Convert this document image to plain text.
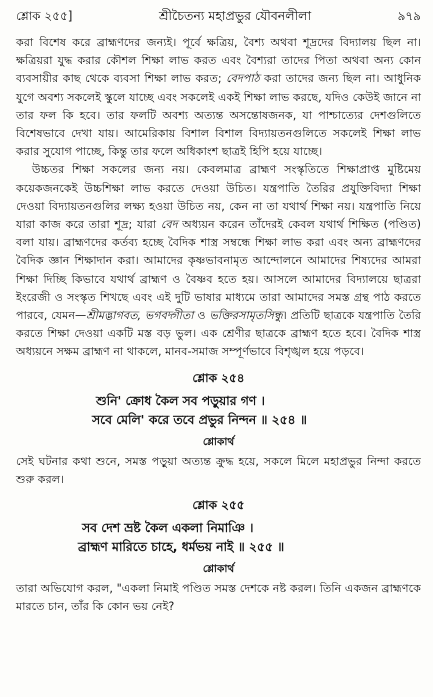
শ্লোক ২৫৫]	শ্রীচৈতন্য মহাপ্রভুর যৌবনলীলা	৯৭৯

করা বিশেষ করে ব্রাহ্মণদের জন্যই। পূর্বে ক্ষত্রিয়, বৈশ্য অথবা শূদ্রদের বিদ্যালয় ছিল না। ক্ষত্রিয়রা যুদ্ধ করার কৌশল শিক্ষা লাভ করত এবং বৈশ্যরা তাদের পিতা অথবা অন্য কোন ব্যবসায়ীর কাছ থেকে ব্যবসা শিক্ষা লাভ করত; বেদপাঠ করা তাদের জন্য ছিল না। আধুনিক যুগে অবশ্য সকলেই স্কুলে যাচ্ছে এবং সকলেই একই শিক্ষা লাভ করছে, যদিও কেউই জানে না তার ফল কি হবে। তার ফলটি অবশ্য অত্যন্ত অসন্তোষজনক, যা পাশ্চাত্যের দেশগুলিতে বিশেষভাবে দেখা যায়। আমেরিকায় বিশাল বিশাল বিদ্যায়তনগুলিতে সকলেই শিক্ষা লাভ করার সুযোগ পাচ্ছে, কিন্তু তার ফলে অধিকাংশ ছাত্রই হিপি হয়ে যাচ্ছে।

উচ্চতর শিক্ষা সকলের জন্য নয়। কেবলমাত্র ব্রাহ্মণ সংস্কৃতিতে শিক্ষাপ্রাপ্ত মুষ্টিমেয় কয়েকজনকেই উচ্চশিক্ষা লাভ করতে দেওয়া উচিত। যন্ত্রপাতি তৈরির প্রযুক্তিবিদ্যা শিক্ষা দেওয়া বিদ্যায়তনগুলির লক্ষ্য হওয়া উচিত নয়, কেন না তা যথার্থ শিক্ষা নয়। যন্ত্রপাতি নিয়ে যারা কাজ করে তারা শূদ্র; যারা বেদ অধ্যয়ন করেন তাঁদেরই কেবল যথার্থ শিক্ষিত (পণ্ডিত) বলা যায়। ব্রাহ্মণদের কর্তব্য হচ্ছে বৈদিক শাস্ত্র সম্বন্ধে শিক্ষা লাভ করা এবং অন্য ব্রাহ্মণদের বৈদিক জ্ঞান শিক্ষাদান করা। আমাদের কৃষ্ণভাবনামৃত আন্দোলনে আমাদের শিষ্যদের আমরা শিক্ষা দিচ্ছি কিভাবে যথার্থ ব্রাহ্মণ ও বৈষ্ণব হতে হয়। আসলে আমাদের বিদ্যালয়ে ছাত্ররা ইংরেজী ও সংস্কৃত শিখছে এবং এই দুটি ভাষার মাধ্যমে তারা আমাদের সমস্ত গ্রন্থ পাঠ করতে পারবে, যেমন—শ্রীমদ্ভাগবত, ভগবদ্গীতা ও ভক্তিরসামৃতসিন্ধু। প্রতিটি ছাত্রকে যন্ত্রপাতি তৈরি করতে শিক্ষা দেওয়া একটি মস্ত বড় ভুল। এক শ্রেণীর ছাত্রকে ব্রাহ্মণ হতে হবে। বৈদিক শাস্ত্র অধ্যয়নে সক্ষম ব্রাহ্মণ না থাকলে, মানব-সমাজ সম্পূর্ণভাবে বিশৃঙ্খল হয়ে পড়বে।

শ্লোক ২৫৪
শুনি' ক্রোধ কৈল সব পড়ুয়ার গণ ।
সবে মেলি' করে তবে প্রভুর নিন্দন ॥ ২৫৪ ॥
শ্লোকার্থ

সেই ঘটনার কথা শুনে, সমস্ত পড়ুয়া অত্যন্ত ক্রুদ্ধ হয়ে, সকলে মিলে মহাপ্রভুর নিন্দা করতে শুরু করল।

শ্লোক ২৫৫
সব দেশ ভ্রষ্ট কৈল একলা নিমাঞি ।
ব্রাহ্মণ মারিতে চাহে, ধর্মভয় নাই ॥ ২৫৫ ॥
শ্লোকার্থ

তারা অভিযোগ করল, "একলা নিমাই পণ্ডিত সমস্ত দেশকে নষ্ট করল। তিনি একজন ব্রাহ্মণকে মারতে চান, তাঁর কি কোন ভয় নেই?
